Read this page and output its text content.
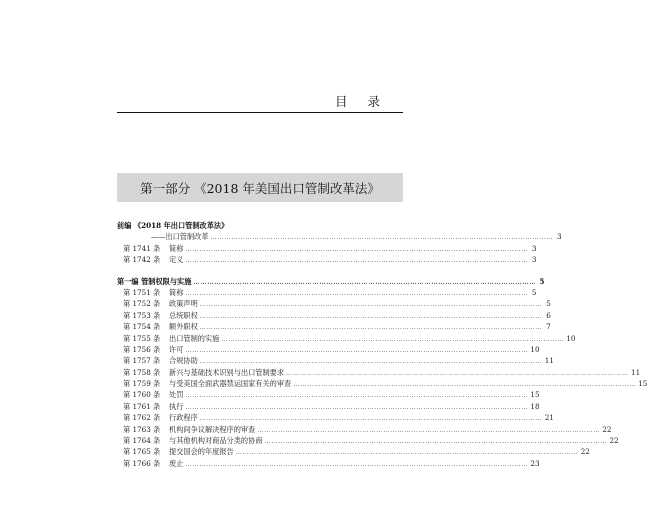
目 录
第一部分 《2018 年美国出口管制改革法》
前编 《2018 年出口管制改革法》
——出口管制改革 ………………………………………………………………………………………………………………………………… 3
第 1741 条	简称 ………………………………………………………………………………………………………………………………… 3
第 1742 条	定义 ………………………………………………………………………………………………………………………………… 3
第一编 管制权限与实施 ………………………………………………………………………………………………………………………………… 5
第 1751 条	简称 ………………………………………………………………………………………………………………………………… 5
第 1752 条	政策声明 ………………………………………………………………………………………………………………………………… 5
第 1753 条	总统职权 ………………………………………………………………………………………………………………………………… 6
第 1754 条	额外职权 ………………………………………………………………………………………………………………………………… 7
第 1755 条	出口管制的实施 ………………………………………………………………………………………………………………………………… 10
第 1756 条	许可 ………………………………………………………………………………………………………………………………… 10
第 1757 条	合规协助 ………………………………………………………………………………………………………………………………… 11
第 1758 条	新兴与基础技术识别与出口管制要求 ………………………………………………………………………………………………………………………………… 11
第 1759 条	与受美国全面武器禁运国家有关的审查 ………………………………………………………………………………………………………………………………… 15
第 1760 条	处罚 ………………………………………………………………………………………………………………………………… 15
第 1761 条	执行 ………………………………………………………………………………………………………………………………… 18
第 1762 条	行政程序 ………………………………………………………………………………………………………………………………… 21
第 1763 条	机构间争议解决程序的审查 ………………………………………………………………………………………………………………………………… 22
第 1764 条	与其他机构对商品分类的协商 ………………………………………………………………………………………………………………………………… 22
第 1765 条	提交国会的年度报告 ………………………………………………………………………………………………………………………………… 22
第 1766 条	废止 ………………………………………………………………………………………………………………………………… 23
